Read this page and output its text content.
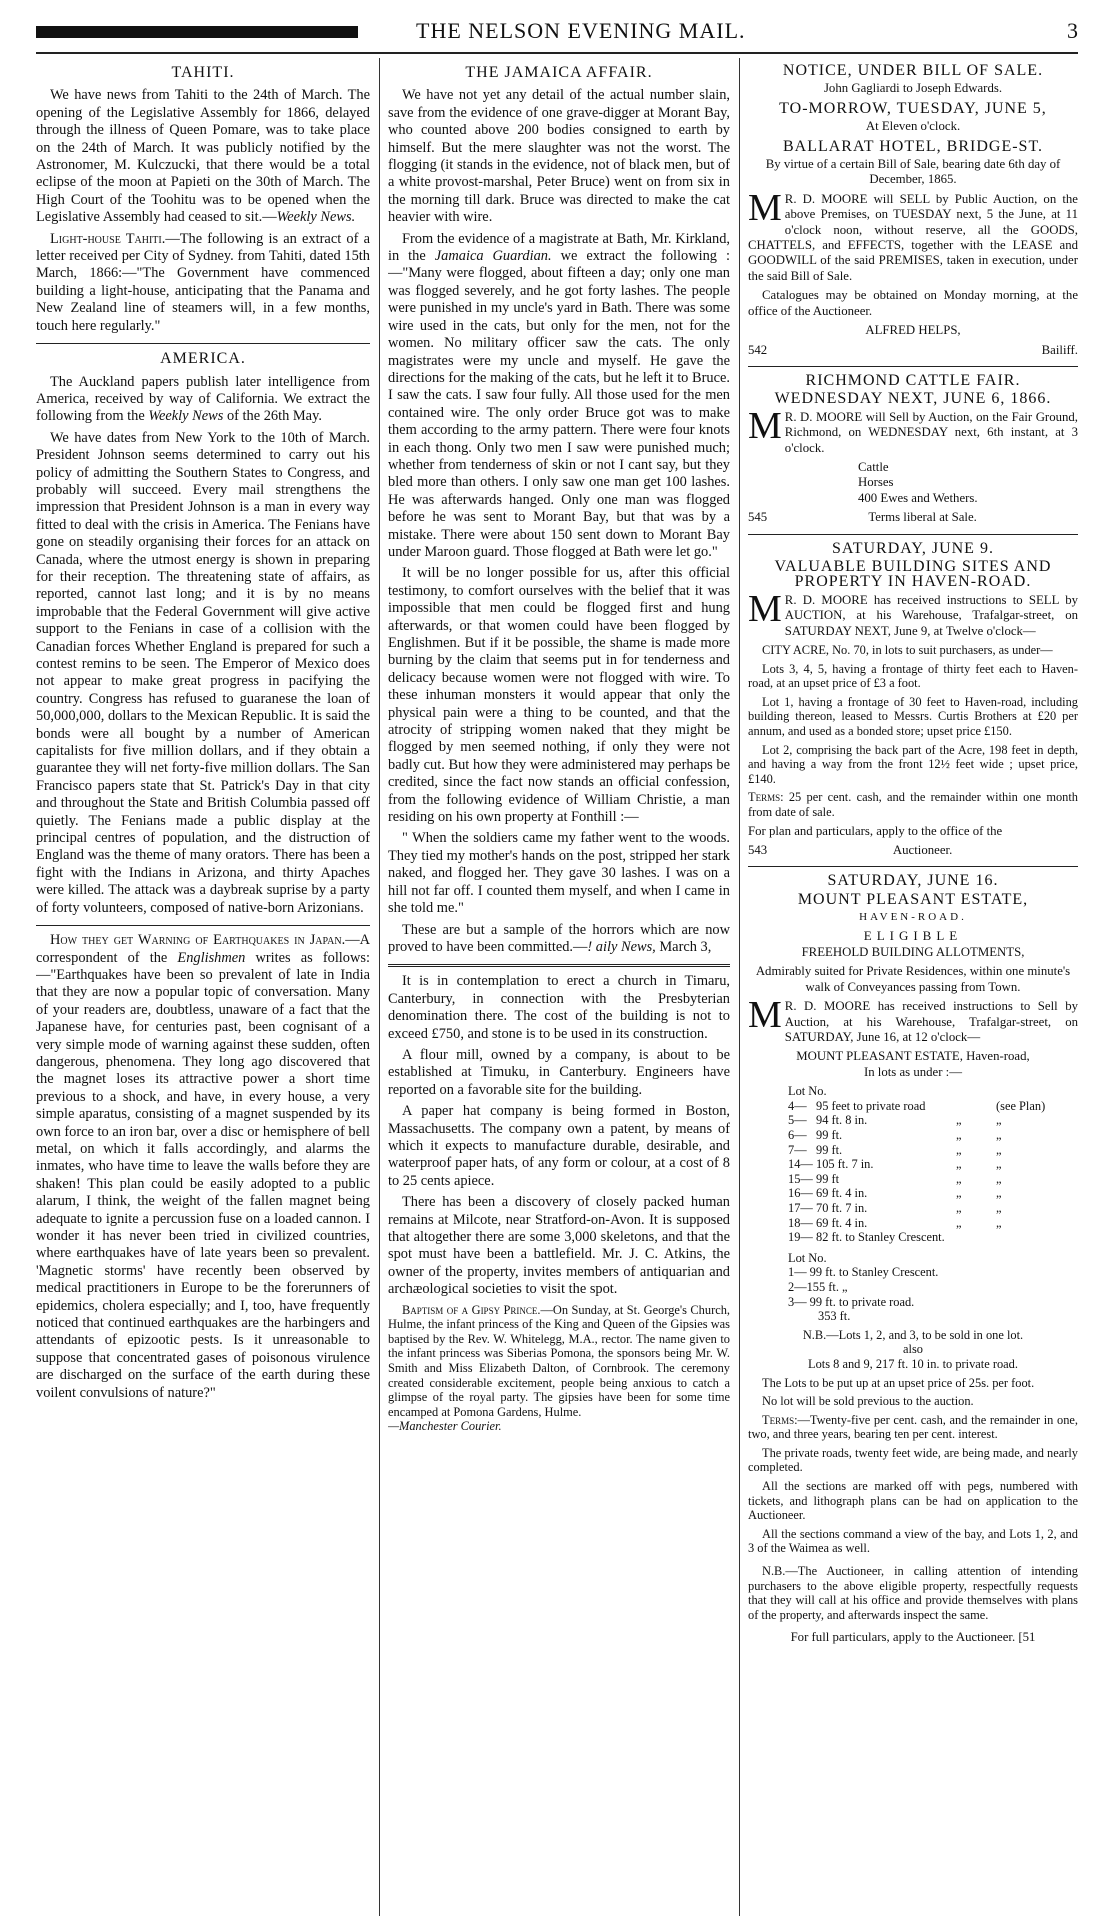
THE NELSON EVENING MAIL.	3
TAHITI.

We have news from Tahiti to the 24th of March. The opening of the Legislative Assembly for 1866, delayed through the illness of Queen Pomare, was to take place on the 24th of March. It was publicly notified by the Astronomer, M. Kulczucki, that there would be a total eclipse of the moon at Papieti on the 30th of March. The High Court of the Toohitu was to be opened when the Legislative Assembly had ceased to sit.—Weekly News.

Light-house Tahiti.—The following is an extract of a letter received per City of Sydney. from Tahiti, dated 15th March, 1866:—"The Government have commenced building a light-house, anticipating that the Panama and New Zealand line of steamers will, in a few months, touch here regularly."

AMERICA.

The Auckland papers publish later intelligence from America, received by way of California. We extract the following from the Weekly News of the 26th May.

We have dates from New York to the 10th of March. President Johnson seems determined to carry out his policy of admitting the Southern States to Congress, and probably will succeed. Every mail strengthens the impression that President Johnson is a man in every way fitted to deal with the crisis in America. The Fenians have gone on steadily organising their forces for an attack on Canada, where the utmost energy is shown in preparing for their reception. The threatening state of affairs, as reported, cannot last long; and it is by no means improbable that the Federal Government will give active support to the Fenians in case of a collision with the Canadian forces Whether England is prepared for such a contest remins to be seen. The Emperor of Mexico does not appear to make great progress in pacifying the country. Congress has refused to guaranese the loan of 50,000,000, dollars to the Mexican Republic. It is said the bonds were all bought by a number of American capitalists for five million dollars, and if they obtain a guarantee they will net forty-five million dollars. The San Francisco papers state that St. Patrick's Day in that city and throughout the State and British Columbia passed off quietly. The Fenians made a public display at the principal centres of population, and the distruction of England was the theme of many orators. There has been a fight with the Indians in Arizona, and thirty Apaches were killed. The attack was a daybreak suprise by a party of forty volunteers, composed of native-born Arizonians.

How they get Warning of Earthquakes in Japan.—A correspondent of the Englishmen writes as follows:—"Earthquakes have been so prevalent of late in India that they are now a popular topic of conversation. Many of your readers are, doubtless, unaware of a fact that the Japanese have, for centuries past, been cognisant of a very simple mode of warning against these sudden, often dangerous, phenomena. They long ago discovered that the magnet loses its attractive power a short time previous to a shock, and have, in every house, a very simple aparatus, consisting of a magnet suspended by its own force to an iron bar, over a disc or hemisphere of bell metal, on which it falls accordingly, and alarms the inmates, who have time to leave the walls before they are shaken! This plan could be easily adopted to a public alarum, I think, the weight of the fallen magnet being adequate to ignite a percussion fuse on a loaded cannon. I wonder it has never been tried in civilized countries, where earthquakes have of late years been so prevalent. 'Magnetic storms' have recently been observed by medical practitioners in Europe to be the forerunners of epidemics, cholera especially; and I, too, have frequently noticed that continued earthquakes are the harbingers and attendants of epizootic pests. Is it unreasonable to suppose that concentrated gases of poisonous virulence are discharged on the surface of the earth during these voilent convulsions of nature?"

THE JAMAICA AFFAIR.

We have not yet any detail of the actual number slain, save from the evidence of one grave-digger at Morant Bay, who counted above 200 bodies consigned to earth by himself. But the mere slaughter was not the worst. The flogging (it stands in the evidence, not of black men, but of a white provost-marshal, Peter Bruce) went on from six in the morning till dark. Bruce was directed to make the cat heavier with wire.

From the evidence of a magistrate at Bath, Mr. Kirkland, in the Jamaica Guardian. we extract the following :—"Many were flogged, about fifteen a day; only one man was flogged severely, and he got forty lashes. The people were punished in my uncle's yard in Bath. There was some wire used in the cats, but only for the men, not for the women. No military officer saw the cats. The only magistrates were my uncle and myself. He gave the directions for the making of the cats, but he left it to Bruce. I saw the cats. I saw four fully. All those used for the men contained wire. The only order Bruce got was to make them according to the army pattern. There were four knots in each thong. Only two men I saw were punished much; whether from tenderness of skin or not I cant say, but they bled more than others. I only saw one man get 100 lashes. He was afterwards hanged. Only one man was flogged before he was sent to Morant Bay, but that was by a mistake. There were about 150 sent down to Morant Bay under Maroon guard. Those flogged at Bath were let go."

It will be no longer possible for us, after this official testimony, to comfort ourselves with the belief that it was impossible that men could be flogged first and hung afterwards, or that women could have been flogged by Englishmen. But if it be possible, the shame is made more burning by the claim that seems put in for tenderness and delicacy because women were not flogged with wire. To these inhuman monsters it would appear that only the physical pain were a thing to be counted, and that the atrocity of stripping women naked that they might be flogged by men seemed nothing, if only they were not badly cut. But how they were administered may perhaps be credited, since the fact now stands an official confession, from the following evidence of William Christie, a man residing on his own property at Fonthill :—

" When the soldiers came my father went to the woods. They tied my mother's hands on the post, stripped her stark naked, and flogged her. They gave 30 lashes. I was on a hill not far off. I counted them myself, and when I came in she told me."

These are but a sample of the horrors which are now proved to have been committed.—! aily News, March 3,

It is in contemplation to erect a church in Timaru, Canterbury, in connection with the Presbyterian denomination there. The cost of the building is not to exceed £750, and stone is to be used in its construction.

A flour mill, owned by a company, is about to be established at Timuku, in Canterbury. Engineers have reported on a favorable site for the building.

A paper hat company is being formed in Boston, Massachusetts. The company own a patent, by means of which it expects to manufacture durable, desirable, and waterproof paper hats, of any form or colour, at a cost of 8 to 25 cents apiece.

There has been a discovery of closely packed human remains at Milcote, near Stratford-on-Avon. It is supposed that altogether there are some 3,000 skeletons, and that the spot must have been a battlefield. Mr. J. C. Atkins, the owner of the property, invites members of antiquarian and archæological societies to visit the spot.

Baptism of a Gipsy Prince.—On Sunday, at St. George's Church, Hulme, the infant princess of the King and Queen of the Gipsies was baptised by the Rev. W. Whitelegg, M.A., rector. The name given to the infant princess was Siberias Pomona, the sponsors being Mr. W. Smith and Miss Elizabeth Dalton, of Cornbrook. The ceremony created considerable excitement, people being anxious to catch a glimpse of the royal party. The gipsies have been for some time encamped at Pomona Gardens, Hulme.
—Manchester Courier.

NOTICE, UNDER BILL OF SALE.

John Gagliardi to Joseph Edwards.

TO-MORROW, TUESDAY, JUNE 5,

At Eleven o'clock.

BALLARAT HOTEL, BRIDGE-ST.

By virtue of a certain Bill of Sale, bearing date 6th day of December, 1865.

M R. D. MOORE will SELL by Public Auction, on the above Premises, on TUESDAY next, 5 the June, at 11 o'clock noon, without reserve, all the GOODS, CHATTELS, and EFFECTS, together with the LEASE and GOODWILL of the said PREMISES, taken in execution, under the said Bill of Sale.

Catalogues may be obtained on Monday morning, at the office of the Auctioneer.

ALFRED HELPS,

542	Bailiff.
RICHMOND CATTLE FAIR.
WEDNESDAY NEXT, JUNE 6, 1866.

M R. D. MOORE will Sell by Auction, on the Fair Ground, Richmond, on WEDNESDAY next, 6th instant, at 3 o'clock.

Cattle
Horses
400 Ewes and Wethers.
545	Terms liberal at Sale.
SATURDAY, JUNE 9.
VALUABLE BUILDING SITES AND PROPERTY IN HAVEN-ROAD.

M R. D. MOORE has received instructions to SELL by AUCTION, at his Warehouse, Trafalgar-street, on SATURDAY NEXT, June 9, at Twelve o'clock—

CITY ACRE, No. 70, in lots to suit purchasers, as under—

Lots 3, 4, 5, having a frontage of thirty feet each to Haven-road, at an upset price of £3 a foot.

Lot 1, having a frontage of 30 feet to Haven-road, including building thereon, leased to Messrs. Curtis Brothers at £20 per annum, and used as a bonded store; upset price £150.

Lot 2, comprising the back part of the Acre, 198 feet in depth, and having a way from the front 12½ feet wide ; upset price, £140.

Terms: 25 per cent. cash, and the remainder within one month from date of sale.

For plan and particulars, apply to the office of the

543	Auctioneer.
SATURDAY, JUNE 16.
MOUNT PLEASANT ESTATE,
HAVEN-ROAD.
ELIGIBLE

FREEHOLD BUILDING ALLOTMENTS,

Admirably suited for Private Residences, within one minute's walk of Conveyances passing from Town.

M R. D. MOORE has received instructions to Sell by Auction, at his Warehouse, Trafalgar-street, on SATURDAY, June 16, at 12 o'clock—

MOUNT PLEASANT ESTATE, Haven-road,

In lots as under :—

Lot No.
4— 95 feet to private road	(see Plan)
5— 94 ft. 8 in.	„	„
6— 99 ft.	„	„
7— 99 ft.	„	„
14— 105 ft. 7 in.	„	„
15— 99 ft	„	„
16— 69 ft. 4 in.	„	„
17— 70 ft. 7 in.	„	„
18— 69 ft. 4 in.	„	„
19— 82 ft. to Stanley Crescent.
Lot No.
1— 99 ft. to Stanley Crescent.
2—155 ft. „
3— 99 ft. to private road.
353 ft.

N.B.—Lots 1, 2, and 3, to be sold in one lot.

also

Lots 8 and 9, 217 ft. 10 in. to private road.

The Lots to be put up at an upset price of 25s. per foot.

No lot will be sold previous to the auction.

Terms:—Twenty-five per cent. cash, and the remainder in one, two, and three years, bearing ten per cent. interest.

The private roads, twenty feet wide, are being made, and nearly completed.

All the sections are marked off with pegs, numbered with tickets, and lithograph plans can be had on application to the Auctioneer.

All the sections command a view of the bay, and Lots 1, 2, and 3 of the Waimea as well.

N.B.—The Auctioneer, in calling attention of intending purchasers to the above eligible property, respectfully requests that they will call at his office and provide themselves with plans of the property, and afterwards inspect the same.

For full particulars, apply to the Auctioneer. [51
